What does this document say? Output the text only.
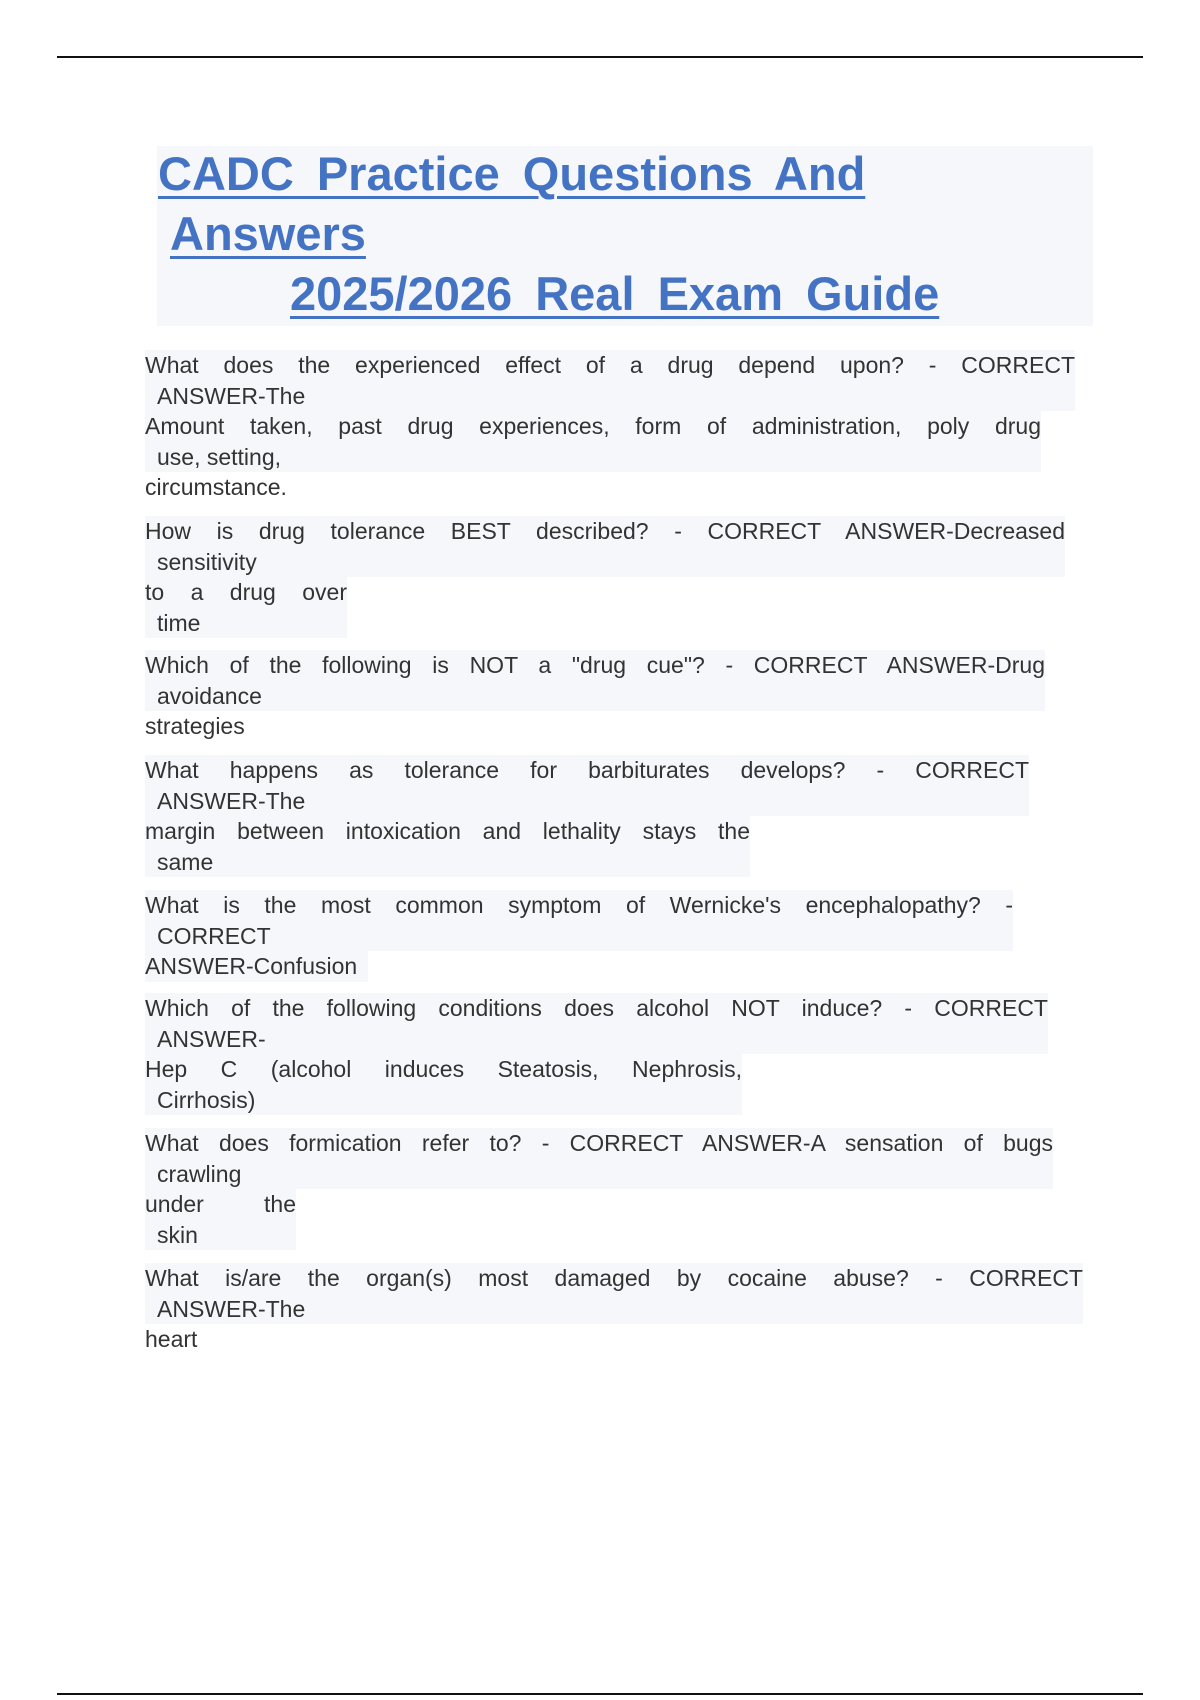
CADC Practice Questions And
Answers
2025/2026 Real Exam Guide
What does the experienced effect of a drug depend upon? - CORRECT
ANSWER-The
Amount taken, past drug experiences, form of administration, poly drug
use, setting,
circumstance.
How is drug tolerance BEST described? - CORRECT ANSWER-Decreased
sensitivity
to a drug over
time
Which of the following is NOT a "drug cue"? - CORRECT ANSWER-Drug
avoidance
strategies
What happens as tolerance for barbiturates develops? - CORRECT
ANSWER-The
margin between intoxication and lethality stays the
same
What is the most common symptom of Wernicke's encephalopathy? -
CORRECT
ANSWER-Confusion
Which of the following conditions does alcohol NOT induce? - CORRECT
ANSWER-
Hep C (alcohol induces Steatosis, Nephrosis,
Cirrhosis)
What does formication refer to? - CORRECT ANSWER-A sensation of bugs
crawling
under the
skin
What is/are the organ(s) most damaged by cocaine abuse? - CORRECT
ANSWER-The
heart
